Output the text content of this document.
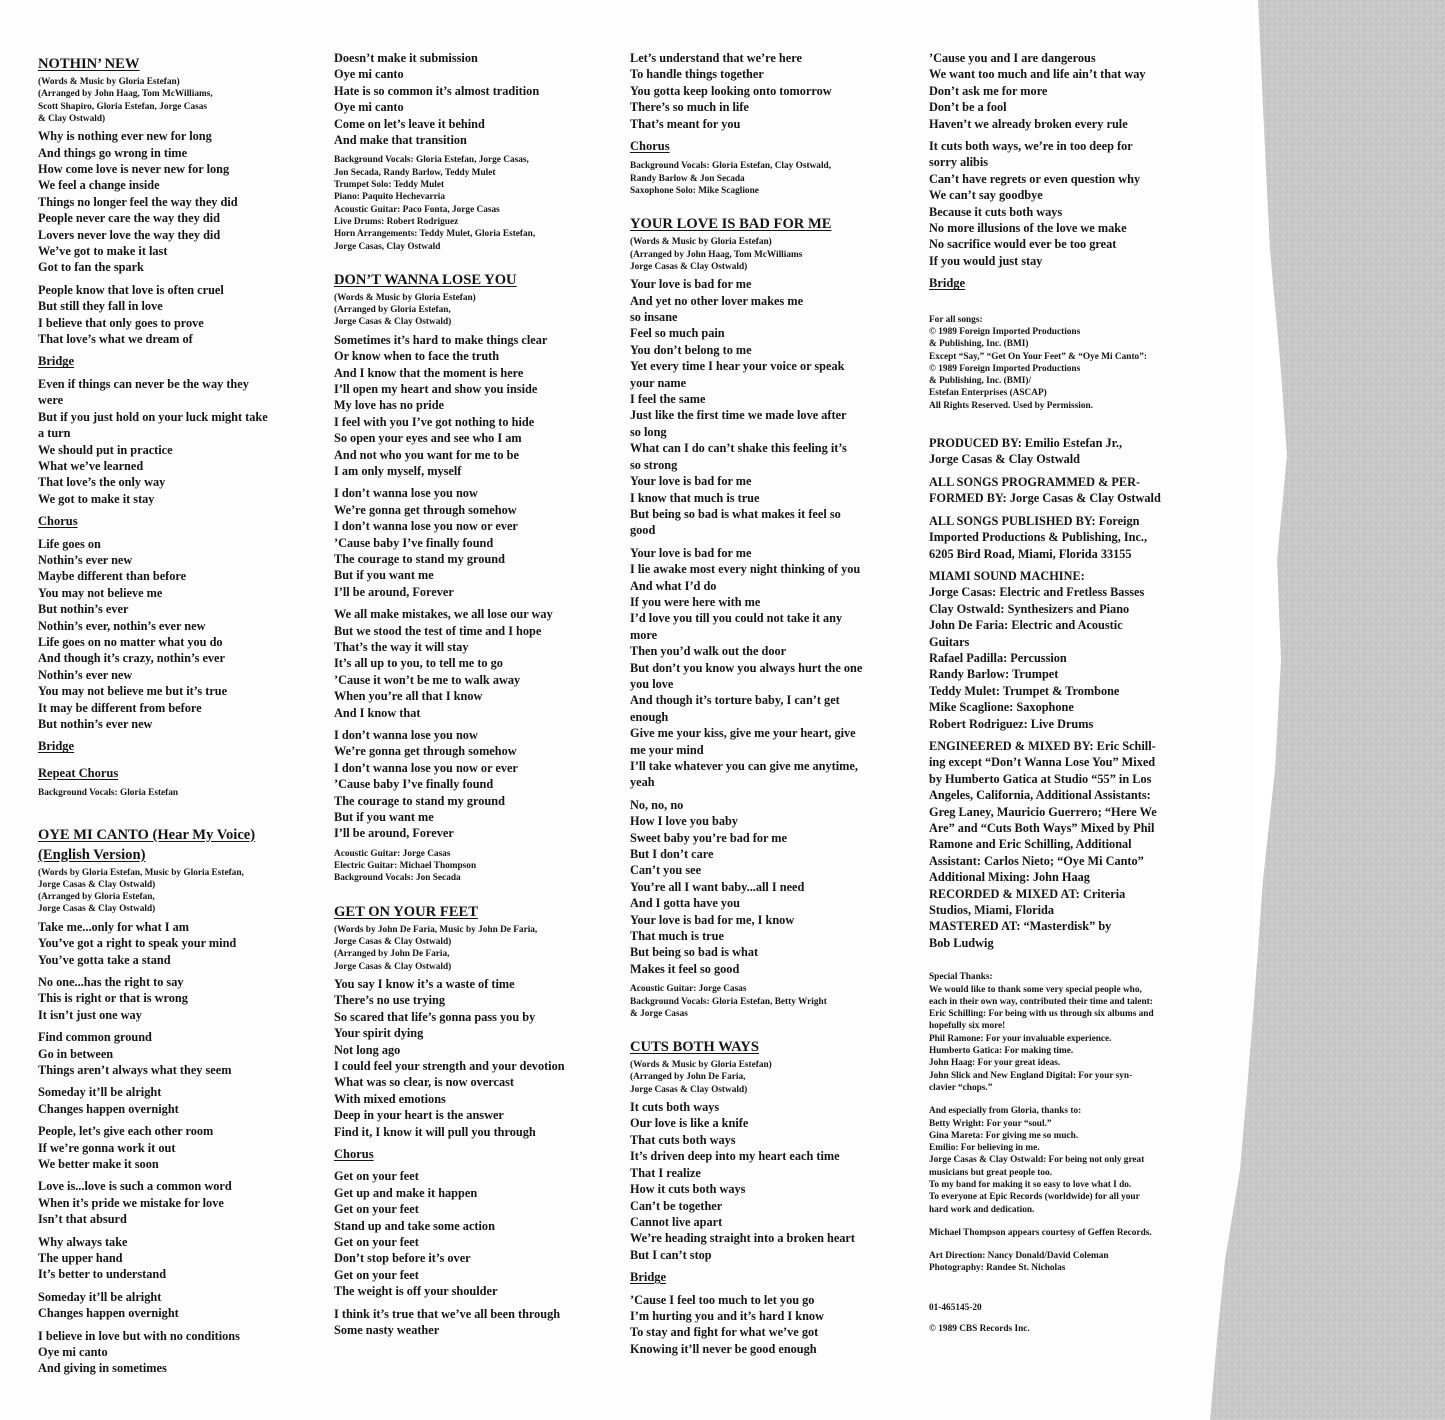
NOTHIN’ NEW
(Words & Music by Gloria Estefan)
(Arranged by John Haag, Tom McWilliams,
Scott Shapiro, Gloria Estefan, Jorge Casas
& Clay Ostwald)
Why is nothing ever new for long
And things go wrong in time
How come love is never new for long
We feel a change inside
Things no longer feel the way they did
People never care the way they did
Lovers never love the way they did
We’ve got to make it last
Got to fan the spark
People know that love is often cruel
But still they fall in love
I believe that only goes to prove
That love’s what we dream of
Bridge
Even if things can never be the way they
were
But if you just hold on your luck might take
a turn
We should put in practice
What we’ve learned
That love’s the only way
We got to make it stay
Chorus
Life goes on
Nothin’s ever new
Maybe different than before
You may not believe me
But nothin’s ever
Nothin’s ever, nothin’s ever new
Life goes on no matter what you do
And though it’s crazy, nothin’s ever
Nothin’s ever new
You may not believe me but it’s true
It may be different from before
But nothin’s ever new
Bridge
Repeat Chorus
Background Vocals: Gloria Estefan
OYE MI CANTO (Hear My Voice)
(English Version)
(Words by Gloria Estefan, Music by Gloria Estefan,
Jorge Casas & Clay Ostwald)
(Arranged by Gloria Estefan,
Jorge Casas & Clay Ostwald)
Take me...only for what I am
You’ve got a right to speak your mind
You’ve gotta take a stand
No one...has the right to say
This is right or that is wrong
It isn’t just one way
Find common ground
Go in between
Things aren’t always what they seem
Someday it’ll be alright
Changes happen overnight
People, let’s give each other room
If we’re gonna work it out
We better make it soon
Love is...love is such a common word
When it’s pride we mistake for love
Isn’t that absurd
Why always take
The upper hand
It’s better to understand
Someday it’ll be alright
Changes happen overnight
I believe in love but with no conditions
Oye mi canto
And giving in sometimes
Doesn’t make it submission
Oye mi canto
Hate is so common it’s almost tradition
Oye mi canto
Come on let’s leave it behind
And make that transition
Background Vocals: Gloria Estefan, Jorge Casas,
Jon Secada, Randy Barlow, Teddy Mulet
Trumpet Solo: Teddy Mulet
Piano: Paquito Hechevarria
Acoustic Guitar: Paco Fonta, Jorge Casas
Live Drums: Robert Rodriguez
Horn Arrangements: Teddy Mulet, Gloria Estefan,
Jorge Casas, Clay Ostwald
DON’T WANNA LOSE YOU
(Words & Music by Gloria Estefan)
(Arranged by Gloria Estefan,
Jorge Casas & Clay Ostwald)
Sometimes it’s hard to make things clear
Or know when to face the truth
And I know that the moment is here
I’ll open my heart and show you inside
My love has no pride
I feel with you I’ve got nothing to hide
So open your eyes and see who I am
And not who you want for me to be
I am only myself, myself
I don’t wanna lose you now
We’re gonna get through somehow
I don’t wanna lose you now or ever
’Cause baby I’ve finally found
The courage to stand my ground
But if you want me
I’ll be around, Forever
We all make mistakes, we all lose our way
But we stood the test of time and I hope
That’s the way it will stay
It’s all up to you, to tell me to go
’Cause it won’t be me to walk away
When you’re all that I know
And I know that
I don’t wanna lose you now
We’re gonna get through somehow
I don’t wanna lose you now or ever
’Cause baby I’ve finally found
The courage to stand my ground
But if you want me
I’ll be around, Forever
Acoustic Guitar: Jorge Casas
Electric Guitar: Michael Thompson
Background Vocals: Jon Secada
GET ON YOUR FEET
(Words by John De Faria, Music by John De Faria,
Jorge Casas & Clay Ostwald)
(Arranged by John De Faria,
Jorge Casas & Clay Ostwald)
You say I know it’s a waste of time
There’s no use trying
So scared that life’s gonna pass you by
Your spirit dying
Not long ago
I could feel your strength and your devotion
What was so clear, is now overcast
With mixed emotions
Deep in your heart is the answer
Find it, I know it will pull you through
Chorus
Get on your feet
Get up and make it happen
Get on your feet
Stand up and take some action
Get on your feet
Don’t stop before it’s over
Get on your feet
The weight is off your shoulder
I think it’s true that we’ve all been through
Some nasty weather
Let’s understand that we’re here
To handle things together
You gotta keep looking onto tomorrow
There’s so much in life
That’s meant for you
Chorus
Background Vocals: Gloria Estefan, Clay Ostwald,
Randy Barlow & Jon Secada
Saxophone Solo: Mike Scaglione
YOUR LOVE IS BAD FOR ME
(Words & Music by Gloria Estefan)
(Arranged by John Haag, Tom McWilliams
Jorge Casas & Clay Ostwald)
Your love is bad for me
And yet no other lover makes me
so insane
Feel so much pain
You don’t belong to me
Yet every time I hear your voice or speak
your name
I feel the same
Just like the first time we made love after
so long
What can I do can’t shake this feeling it’s
so strong
Your love is bad for me
I know that much is true
But being so bad is what makes it feel so
good
Your love is bad for me
I lie awake most every night thinking of you
And what I’d do
If you were here with me
I’d love you till you could not take it any
more
Then you’d walk out the door
But don’t you know you always hurt the one
you love
And though it’s torture baby, I can’t get
enough
Give me your kiss, give me your heart, give
me your mind
I’ll take whatever you can give me anytime,
yeah
No, no, no
How I love you baby
Sweet baby you’re bad for me
But I don’t care
Can’t you see
You’re all I want baby...all I need
And I gotta have you
Your love is bad for me, I know
That much is true
But being so bad is what
Makes it feel so good
Acoustic Guitar: Jorge Casas
Background Vocals: Gloria Estefan, Betty Wright
& Jorge Casas
CUTS BOTH WAYS
(Words & Music by Gloria Estefan)
(Arranged by John De Faria,
Jorge Casas & Clay Ostwald)
It cuts both ways
Our love is like a knife
That cuts both ways
It’s driven deep into my heart each time
That I realize
How it cuts both ways
Can’t be together
Cannot live apart
We’re heading straight into a broken heart
But I can’t stop
Bridge
’Cause I feel too much to let you go
I’m hurting you and it’s hard I know
To stay and fight for what we’ve got
Knowing it’ll never be good enough
’Cause you and I are dangerous
We want too much and life ain’t that way
Don’t ask me for more
Don’t be a fool
Haven’t we already broken every rule
It cuts both ways, we’re in too deep for
sorry alibis
Can’t have regrets or even question why
We can’t say goodbye
Because it cuts both ways
No more illusions of the love we make
No sacrifice would ever be too great
If you would just stay
Bridge
For all songs:
© 1989 Foreign Imported Productions
& Publishing, Inc. (BMI)
Except “Say,” “Get On Your Feet” & “Oye Mi Canto”:
© 1989 Foreign Imported Productions
& Publishing, Inc. (BMI)/
Estefan Enterprises (ASCAP)
All Rights Reserved. Used by Permission.
PRODUCED BY: Emilio Estefan Jr.,
Jorge Casas & Clay Ostwald
ALL SONGS PROGRAMMED & PER-
FORMED BY: Jorge Casas & Clay Ostwald
ALL SONGS PUBLISHED BY: Foreign
Imported Productions & Publishing, Inc.,
6205 Bird Road, Miami, Florida 33155
MIAMI SOUND MACHINE:
Jorge Casas: Electric and Fretless Basses
Clay Ostwald: Synthesizers and Piano
John De Faria: Electric and Acoustic
Guitars
Rafael Padilla: Percussion
Randy Barlow: Trumpet
Teddy Mulet: Trumpet & Trombone
Mike Scaglione: Saxophone
Robert Rodriguez: Live Drums
ENGINEERED & MIXED BY: Eric Schill-
ing except “Don’t Wanna Lose You” Mixed
by Humberto Gatica at Studio “55” in Los
Angeles, California, Additional Assistants:
Greg Laney, Mauricio Guerrero; “Here We
Are” and “Cuts Both Ways” Mixed by Phil
Ramone and Eric Schilling, Additional
Assistant: Carlos Nieto; “Oye Mi Canto”
Additional Mixing: John Haag
RECORDED & MIXED AT: Criteria
Studios, Miami, Florida
MASTERED AT: “Masterdisk” by
Bob Ludwig
Special Thanks:
We would like to thank some very special people who,
each in their own way, contributed their time and talent:
Eric Schilling: For being with us through six albums and
hopefully six more!
Phil Ramone: For your invaluable experience.
Humberto Gatica: For making time.
John Haag: For your great ideas.
John Slick and New England Digital: For your syn-
clavier “chops.”
And especially from Gloria, thanks to:
Betty Wright: For your “soul.”
Gina Mareta: For giving me so much.
Emilio: For believing in me.
Jorge Casas & Clay Ostwald: For being not only great
musicians but great people too.
To my band for making it so easy to love what I do.
To everyone at Epic Records (worldwide) for all your
hard work and dedication.
Michael Thompson appears courtesy of Geffen Records.
Art Direction: Nancy Donald/David Coleman
Photography: Randee St. Nicholas
01-465145-20
© 1989 CBS Records Inc.
